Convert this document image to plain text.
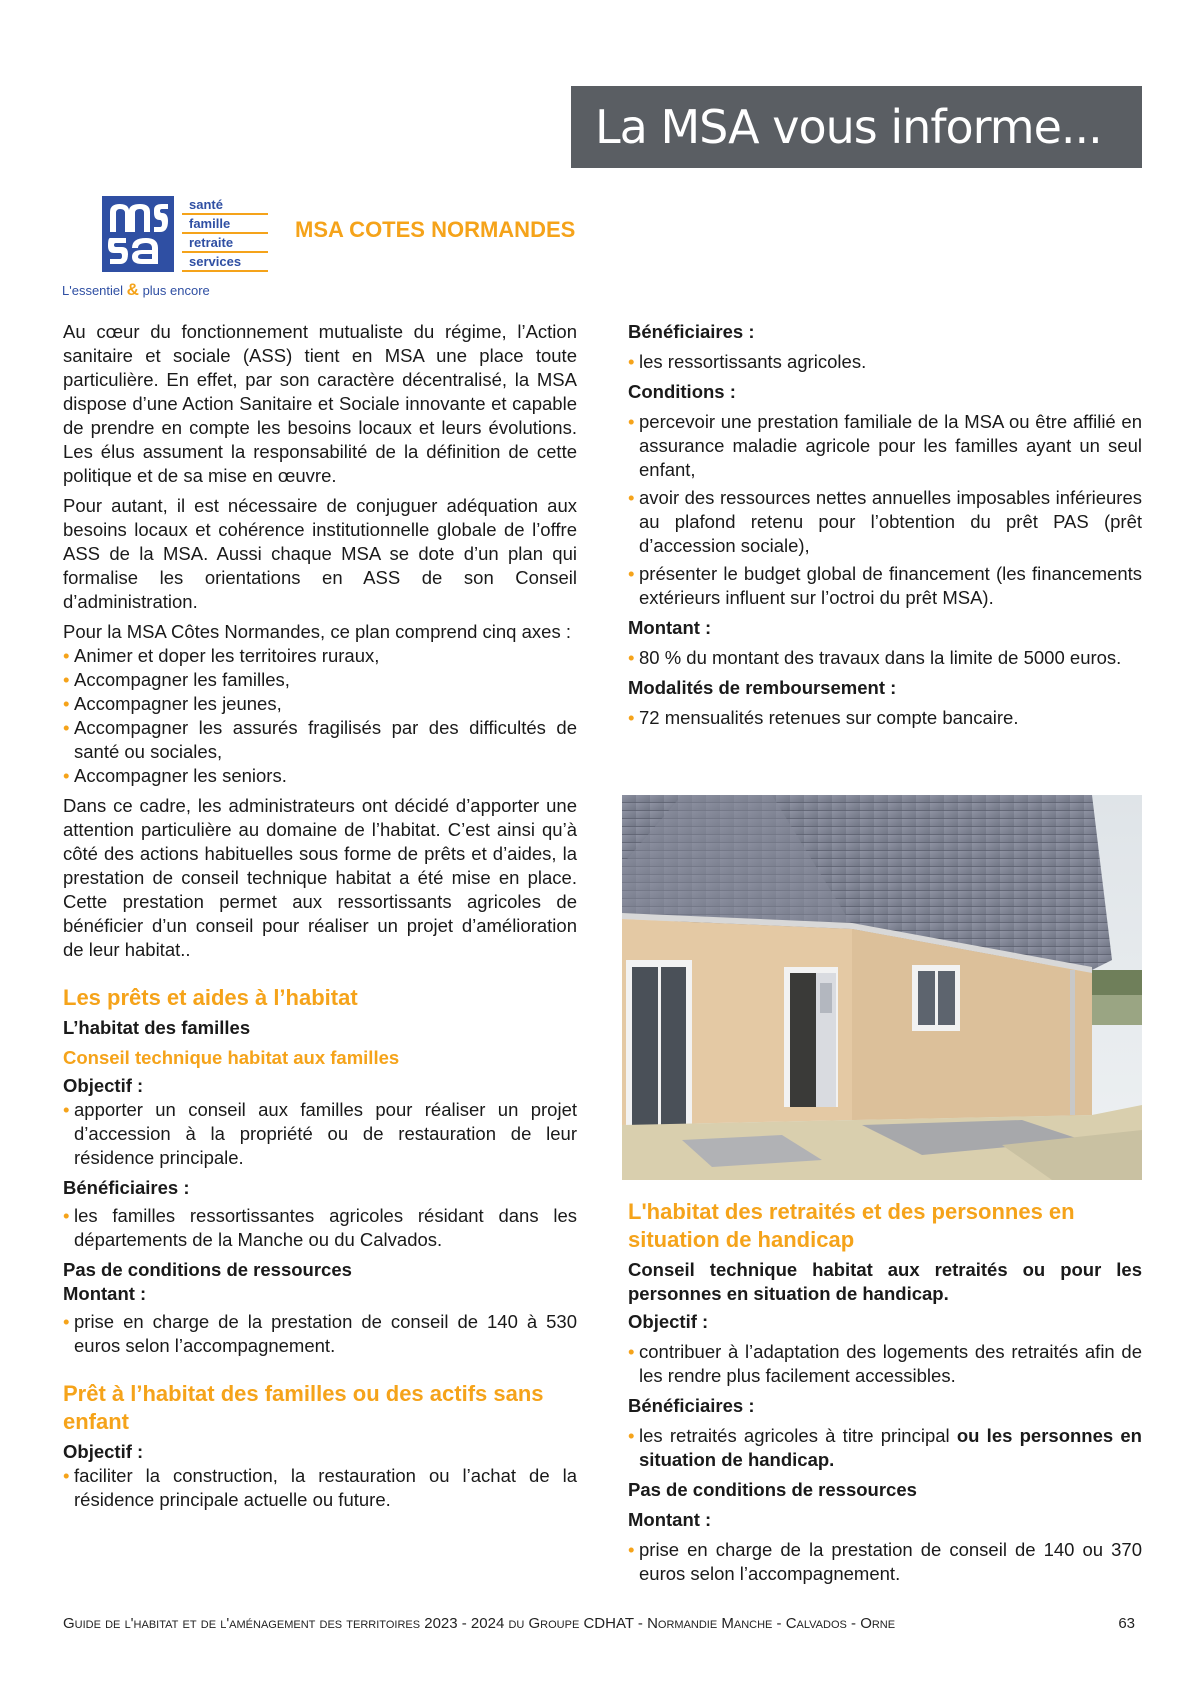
La MSA vous informe...
santé
famille
retraite
services
L'essentiel & plus encore
MSA COTES NORMANDES

Au cœur du fonctionnement mutualiste du régime, l’Action sanitaire et sociale (ASS) tient en MSA une place toute particulière. En effet, par son caractère décentralisé, la MSA dispose d’une Action Sanitaire et Sociale innovante et capable de prendre en compte les besoins locaux et leurs évolutions. Les élus assument la responsabilité de la définition de cette politique et de sa mise en œuvre.

Pour autant, il est nécessaire de conjuguer adéquation aux besoins locaux et cohérence institutionnelle globale de l’offre ASS de la MSA. Aussi chaque MSA se dote d’un plan qui formalise les orientations en ASS de son Conseil d’administration.

Pour la MSA Côtes Normandes, ce plan comprend cinq axes :

• Animer et doper les territoires ruraux,
• Accompagner les familles,
• Accompagner les jeunes,
• Accompagner les assurés fragilisés par des difficultés de santé ou sociales,
• Accompagner les seniors.

Dans ce cadre, les administrateurs ont décidé d’apporter une attention particulière au domaine de l’habitat. C’est ainsi qu’à côté des actions habituelles sous forme de prêts et d’aides, la prestation de conseil technique habitat a été mise en place. Cette prestation permet aux ressortissants agricoles de bénéficier d’un conseil pour réaliser un projet d’amélioration de leur habitat..

Les prêts et aides à l’habitat
L’habitat des familles
Conseil technique habitat aux familles
Objectif :
• apporter un conseil aux familles pour réaliser un projet d’accession à la propriété ou de restauration de leur résidence principale.
Bénéficiaires :
• les familles ressortissantes agricoles résidant dans les départements de la Manche ou du Calvados.
Pas de conditions de ressources
Montant :
• prise en charge de la prestation de conseil de 140 à 530 euros selon l’accompagnement.
Prêt à l’habitat des familles ou des actifs sans enfant
Objectif :
• faciliter la construction, la restauration ou l’achat de la résidence principale actuelle ou future.
Bénéficiaires :
• les ressortissants agricoles.
Conditions :
• percevoir une prestation familiale de la MSA ou être affilié en assurance maladie agricole pour les familles ayant un seul enfant,
• avoir des ressources nettes annuelles imposables inférieures au plafond retenu pour l’obtention du prêt PAS (prêt d’accession sociale),
• présenter le budget global de financement (les financements extérieurs influent sur l’octroi du prêt MSA).
Montant :
• 80 % du montant des travaux dans la limite de 5000 euros.
Modalités de remboursement :
• 72 mensualités retenues sur compte bancaire.
L'habitat des retraités et des personnes en situation de handicap

Conseil technique habitat aux retraités ou pour les personnes en situation de handicap.

Objectif :
• contribuer à l’adaptation des logements des retraités afin de les rendre plus facilement accessibles.
Bénéficiaires :
• les retraités agricoles à titre principal ou les personnes en situation de handicap.
Pas de conditions de ressources
Montant :
• prise en charge de la prestation de conseil de 140 ou 370 euros selon l’accompagnement.
Guide de l'habitat et de l'aménagement des territoires 2023 - 2024 du Groupe CDHAT - Normandie Manche - Calvados - Orne	63
